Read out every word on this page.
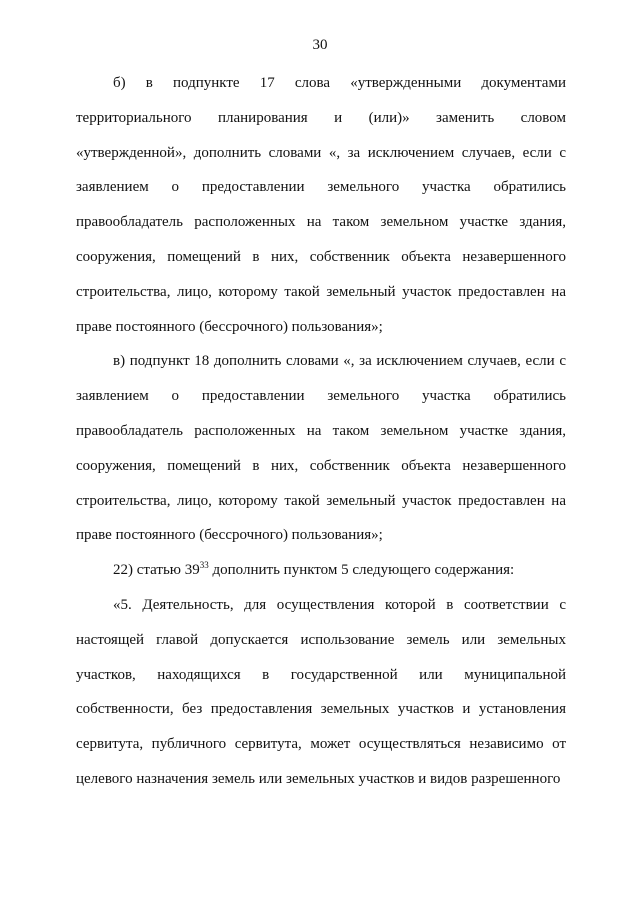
30

б) в подпункте 17 слова «утвержденными документами территориального планирования и (или)» заменить словом «утвержденной», дополнить словами «, за исключением случаев, если с заявлением о предоставлении земельного участка обратились правообладатель расположенных на таком земельном участке здания, сооружения, помещений в них, собственник объекта незавершенного строительства, лицо, которому такой земельный участок предоставлен на праве постоянного (бессрочного) пользования»;

в) подпункт 18 дополнить словами «, за исключением случаев, если с заявлением о предоставлении земельного участка обратились правообладатель расположенных на таком земельном участке здания, сооружения, помещений в них, собственник объекта незавершенного строительства, лицо, которому такой земельный участок предоставлен на праве постоянного (бессрочного) пользования»;

22) статью $39^{33}$ дополнить пунктом 5 следующего содержания:

«5. Деятельность, для осуществления которой в соответствии с настоящей главой допускается использование земель или земельных участков, находящихся в государственной или муниципальной собственности, без предоставления земельных участков и установления сервитута, публичного сервитута, может осуществляться независимо от целевого назначения земель или земельных участков и видов разрешенного
